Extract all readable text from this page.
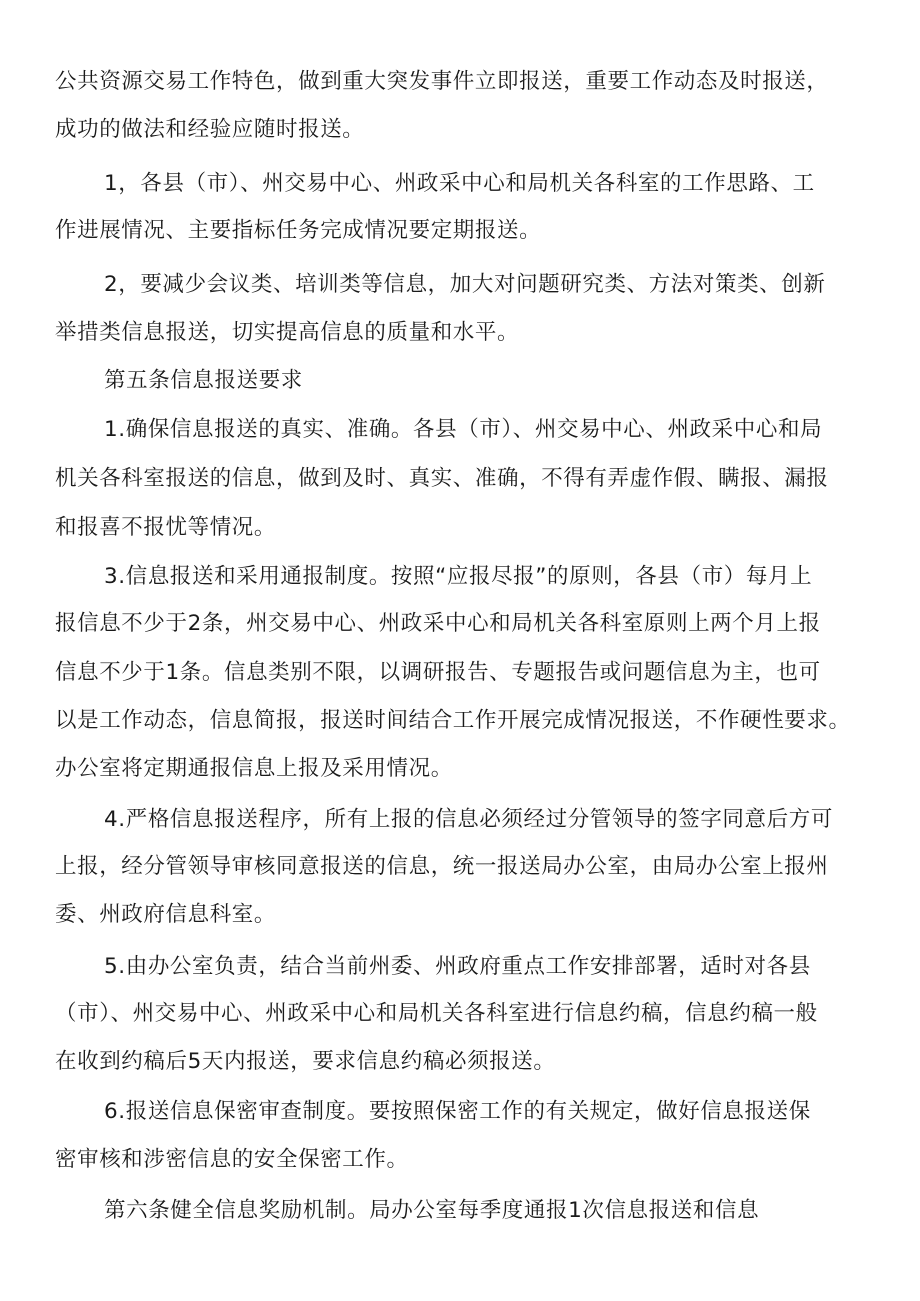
公共资源交易工作特色，做到重大突发事件立即报送，重要工作动态及时报送，
成功的做法和经验应随时报送。
1，各县（市）、州交易中心、州政采中心和局机关各科室的工作思路、工
作进展情况、主要指标任务完成情况要定期报送。
2，要减少会议类、培训类等信息，加大对问题研究类、方法对策类、创新
举措类信息报送，切实提高信息的质量和水平。
第五条信息报送要求
1.确保信息报送的真实、准确。各县（市）、州交易中心、州政采中心和局
机关各科室报送的信息，做到及时、真实、准确，不得有弄虚作假、瞒报、漏报
和报喜不报忧等情况。
3.信息报送和采用通报制度。按照“应报尽报”的原则，各县（市）每月上
报信息不少于2条，州交易中心、州政采中心和局机关各科室原则上两个月上报
信息不少于1条。信息类别不限，以调研报告、专题报告或问题信息为主，也可
以是工作动态，信息简报，报送时间结合工作开展完成情况报送，不作硬性要求。
办公室将定期通报信息上报及采用情况。
4.严格信息报送程序，所有上报的信息必须经过分管领导的签字同意后方可
上报，经分管领导审核同意报送的信息，统一报送局办公室，由局办公室上报州
委、州政府信息科室。
5.由办公室负责，结合当前州委、州政府重点工作安排部署，适时对各县
（市）、州交易中心、州政采中心和局机关各科室进行信息约稿，信息约稿一般
在收到约稿后5天内报送，要求信息约稿必须报送。
6.报送信息保密审查制度。要按照保密工作的有关规定，做好信息报送保
密审核和涉密信息的安全保密工作。
第六条健全信息奖励机制。局办公室每季度通报1次信息报送和信息
